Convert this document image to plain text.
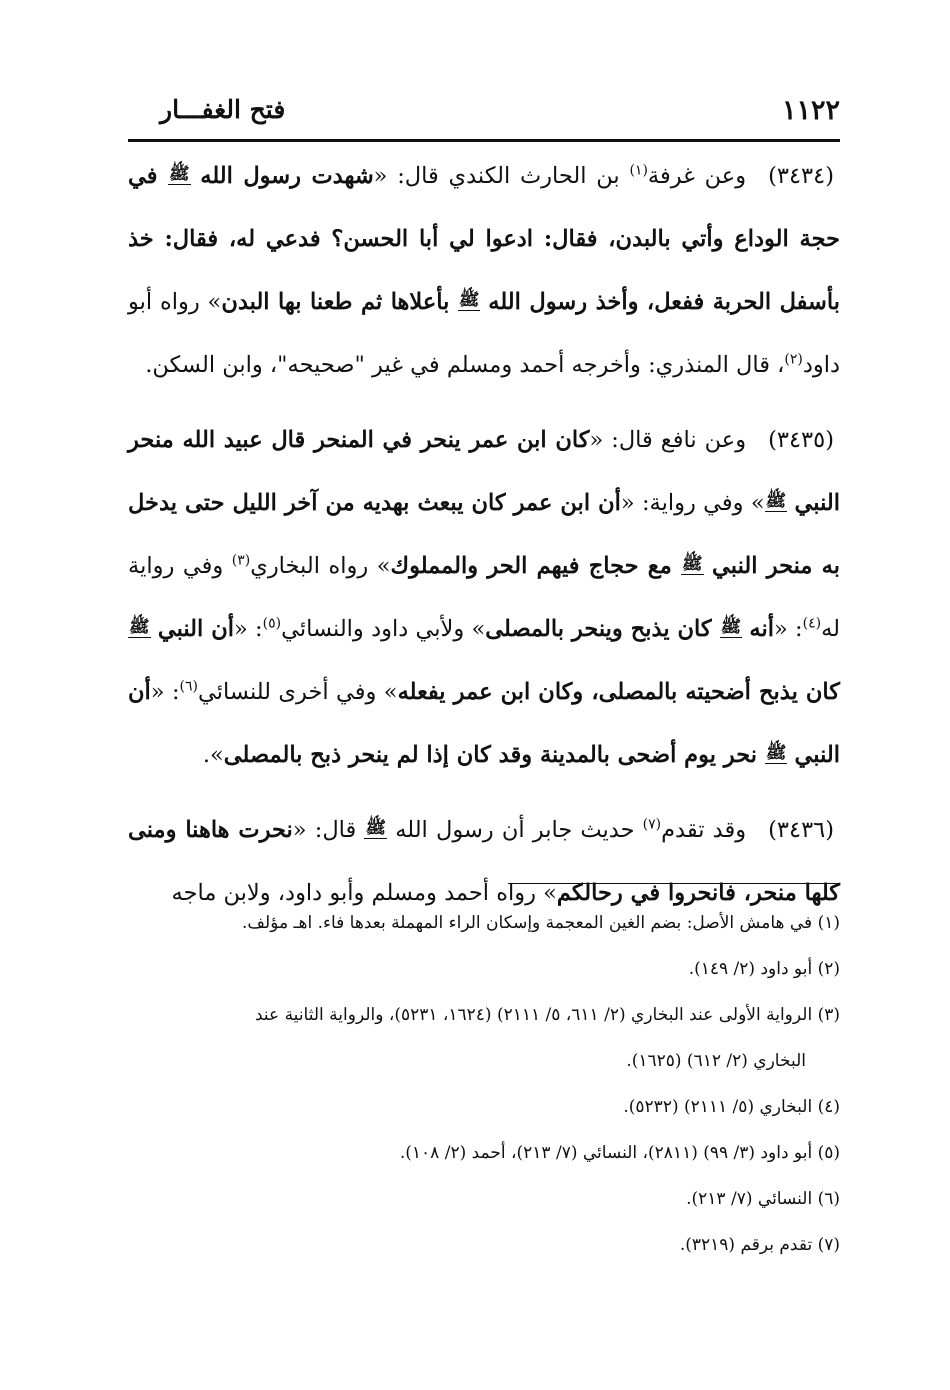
١١٢٢
فتح الغفـــار

(٣٤٣٤)وعن غرفة$^{(١)}$ بن الحارث الكندي قال: «شهدت رسول الله ﷺ في حجة الوداع وأتي بالبدن، فقال: ادعوا لي أبا الحسن؟ فدعي له، فقال: خذ بأسفل الحربة ففعل، وأخذ رسول الله ﷺ بأعلاها ثم طعنا بها البدن» رواه أبو داود$^{(٢)}$، قال المنذري: وأخرجه أحمد ومسلم في غير "صحيحه"، وابن السكن.

(٣٤٣٥)وعن نافع قال: «كان ابن عمر ينحر في المنحر قال عبيد الله منحر النبي ﷺ» وفي رواية: «أن ابن عمر كان يبعث بهديه من آخر الليل حتى يدخل به منحر النبي ﷺ مع حجاج فيهم الحر والمملوك» رواه البخاري$^{(٣)}$ وفي رواية له$^{(٤)}$: «أنه ﷺ كان يذبح وينحر بالمصلى» ولأبي داود والنسائي$^{(٥)}$: «أن النبي ﷺ كان يذبح أضحيته بالمصلى، وكان ابن عمر يفعله» وفي أخرى للنسائي$^{(٦)}$: «أن النبي ﷺ نحر يوم أضحى بالمدينة وقد كان إذا لم ينحر ذبح بالمصلى».

(٣٤٣٦)وقد تقدم$^{(٧)}$ حديث جابر أن رسول الله ﷺ قال: «نحرت هاهنا ومنى كلها منحر، فانحروا في رحالكم» رواه أحمد ومسلم وأبو داود، ولابن ماجه

(١) في هامش الأصل: بضم الغين المعجمة وإسكان الراء المهملة بعدها فاء. اهـ مؤلف.

(٢) أبو داود (٢/ ١٤٩).

(٣) الرواية الأولى عند البخاري (٢/ ٦١١، ٥/ ٢١١١) (١٦٢٤، ٥٢٣١)، والرواية الثانية عند
البخاري (٢/ ٦١٢) (١٦٢٥).

(٤) البخاري (٥/ ٢١١١) (٥٢٣٢).

(٥) أبو داود (٣/ ٩٩) (٢٨١١)، النسائي (٧/ ٢١٣)، أحمد (٢/ ١٠٨).

(٦) النسائي (٧/ ٢١٣).

(٧) تقدم برقم (٣٢١٩).
